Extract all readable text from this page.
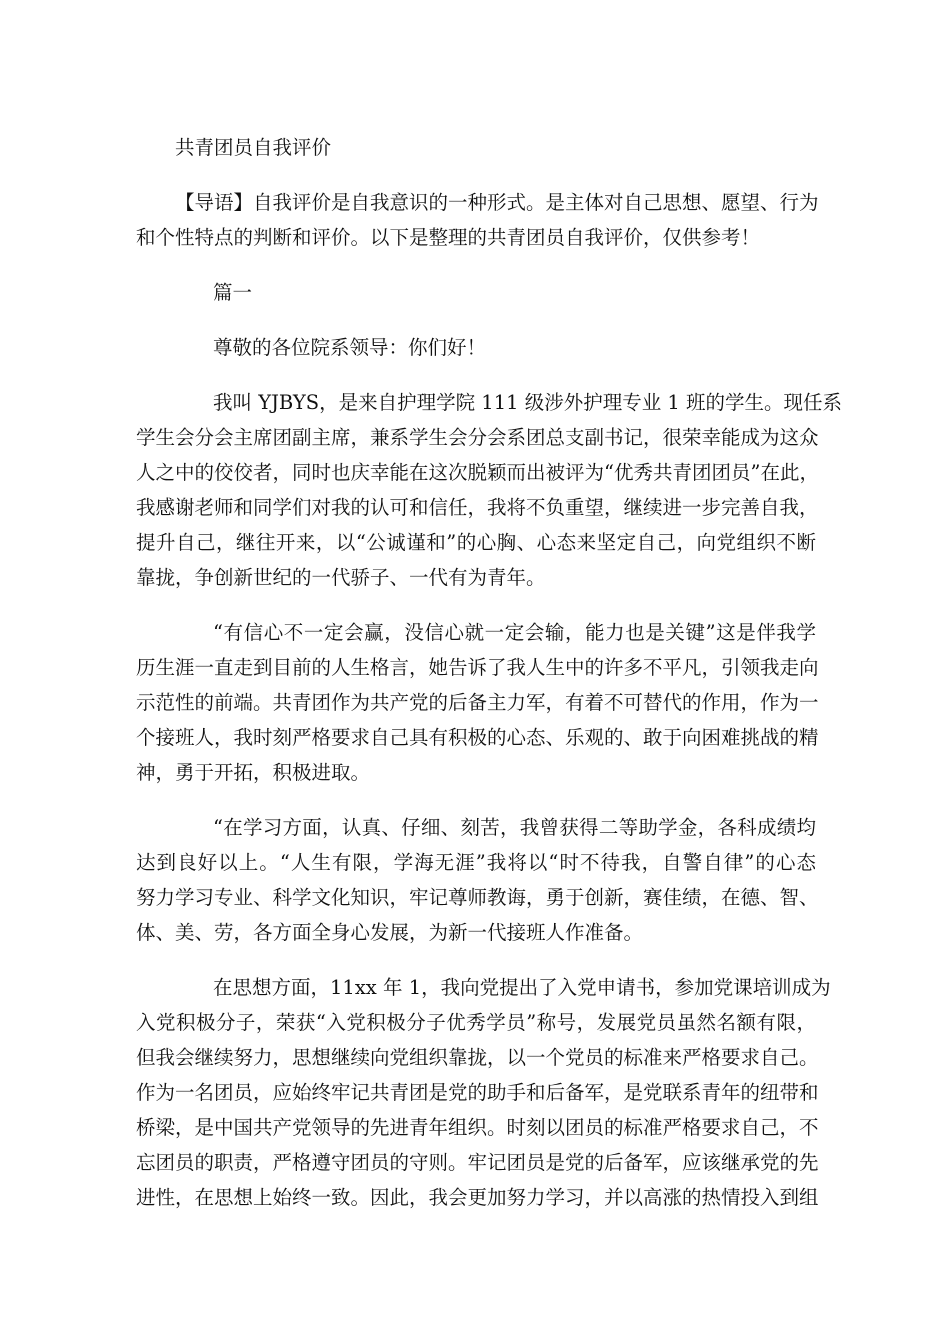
共青团员自我评价
【导语】自我评价是自我意识的一种形式。是主体对自己思想、愿望、行为
和个性特点的判断和评价。以下是整理的共青团员自我评价，仅供参考！
篇一
尊敬的各位院系领导：你们好！
我叫 YJBYS，是来自护理学院 111 级涉外护理专业 1 班的学生。现任系
学生会分会主席团副主席，兼系学生会分会系团总支副书记，很荣幸能成为这众
人之中的佼佼者，同时也庆幸能在这次脱颖而出被评为“优秀共青团团员”在此，
我感谢老师和同学们对我的认可和信任，我将不负重望，继续进一步完善自我，
提升自己，继往开来，以“公诚谨和”的心胸、心态来坚定自己，向党组织不断
靠拢，争创新世纪的一代骄子、一代有为青年。
“有信心不一定会赢，没信心就一定会输，能力也是关键”这是伴我学
历生涯一直走到目前的人生格言，她告诉了我人生中的许多不平凡，引领我走向
示范性的前端。共青团作为共产党的后备主力军，有着不可替代的作用，作为一
个接班人，我时刻严格要求自己具有积极的心态、乐观的、敢于向困难挑战的精
神，勇于开拓，积极进取。
“在学习方面，认真、仔细、刻苦，我曾获得二等助学金，各科成绩均
达到良好以上。“人生有限，学海无涯”我将以“时不待我，自警自律”的心态
努力学习专业、科学文化知识，牢记尊师教诲，勇于创新，赛佳绩，在德、智、
体、美、劳，各方面全身心发展，为新一代接班人作准备。
在思想方面，11xx 年 1，我向党提出了入党申请书，参加党课培训成为
入党积极分子，荣获“入党积极分子优秀学员”称号，发展党员虽然名额有限，
但我会继续努力，思想继续向党组织靠拢，以一个党员的标准来严格要求自己。
作为一名团员，应始终牢记共青团是党的助手和后备军，是党联系青年的纽带和
桥梁，是中国共产党领导的先进青年组织。时刻以团员的标准严格要求自己，不
忘团员的职责，严格遵守团员的守则。牢记团员是党的后备军，应该继承党的先
进性，在思想上始终一致。因此，我会更加努力学习，并以高涨的热情投入到组
